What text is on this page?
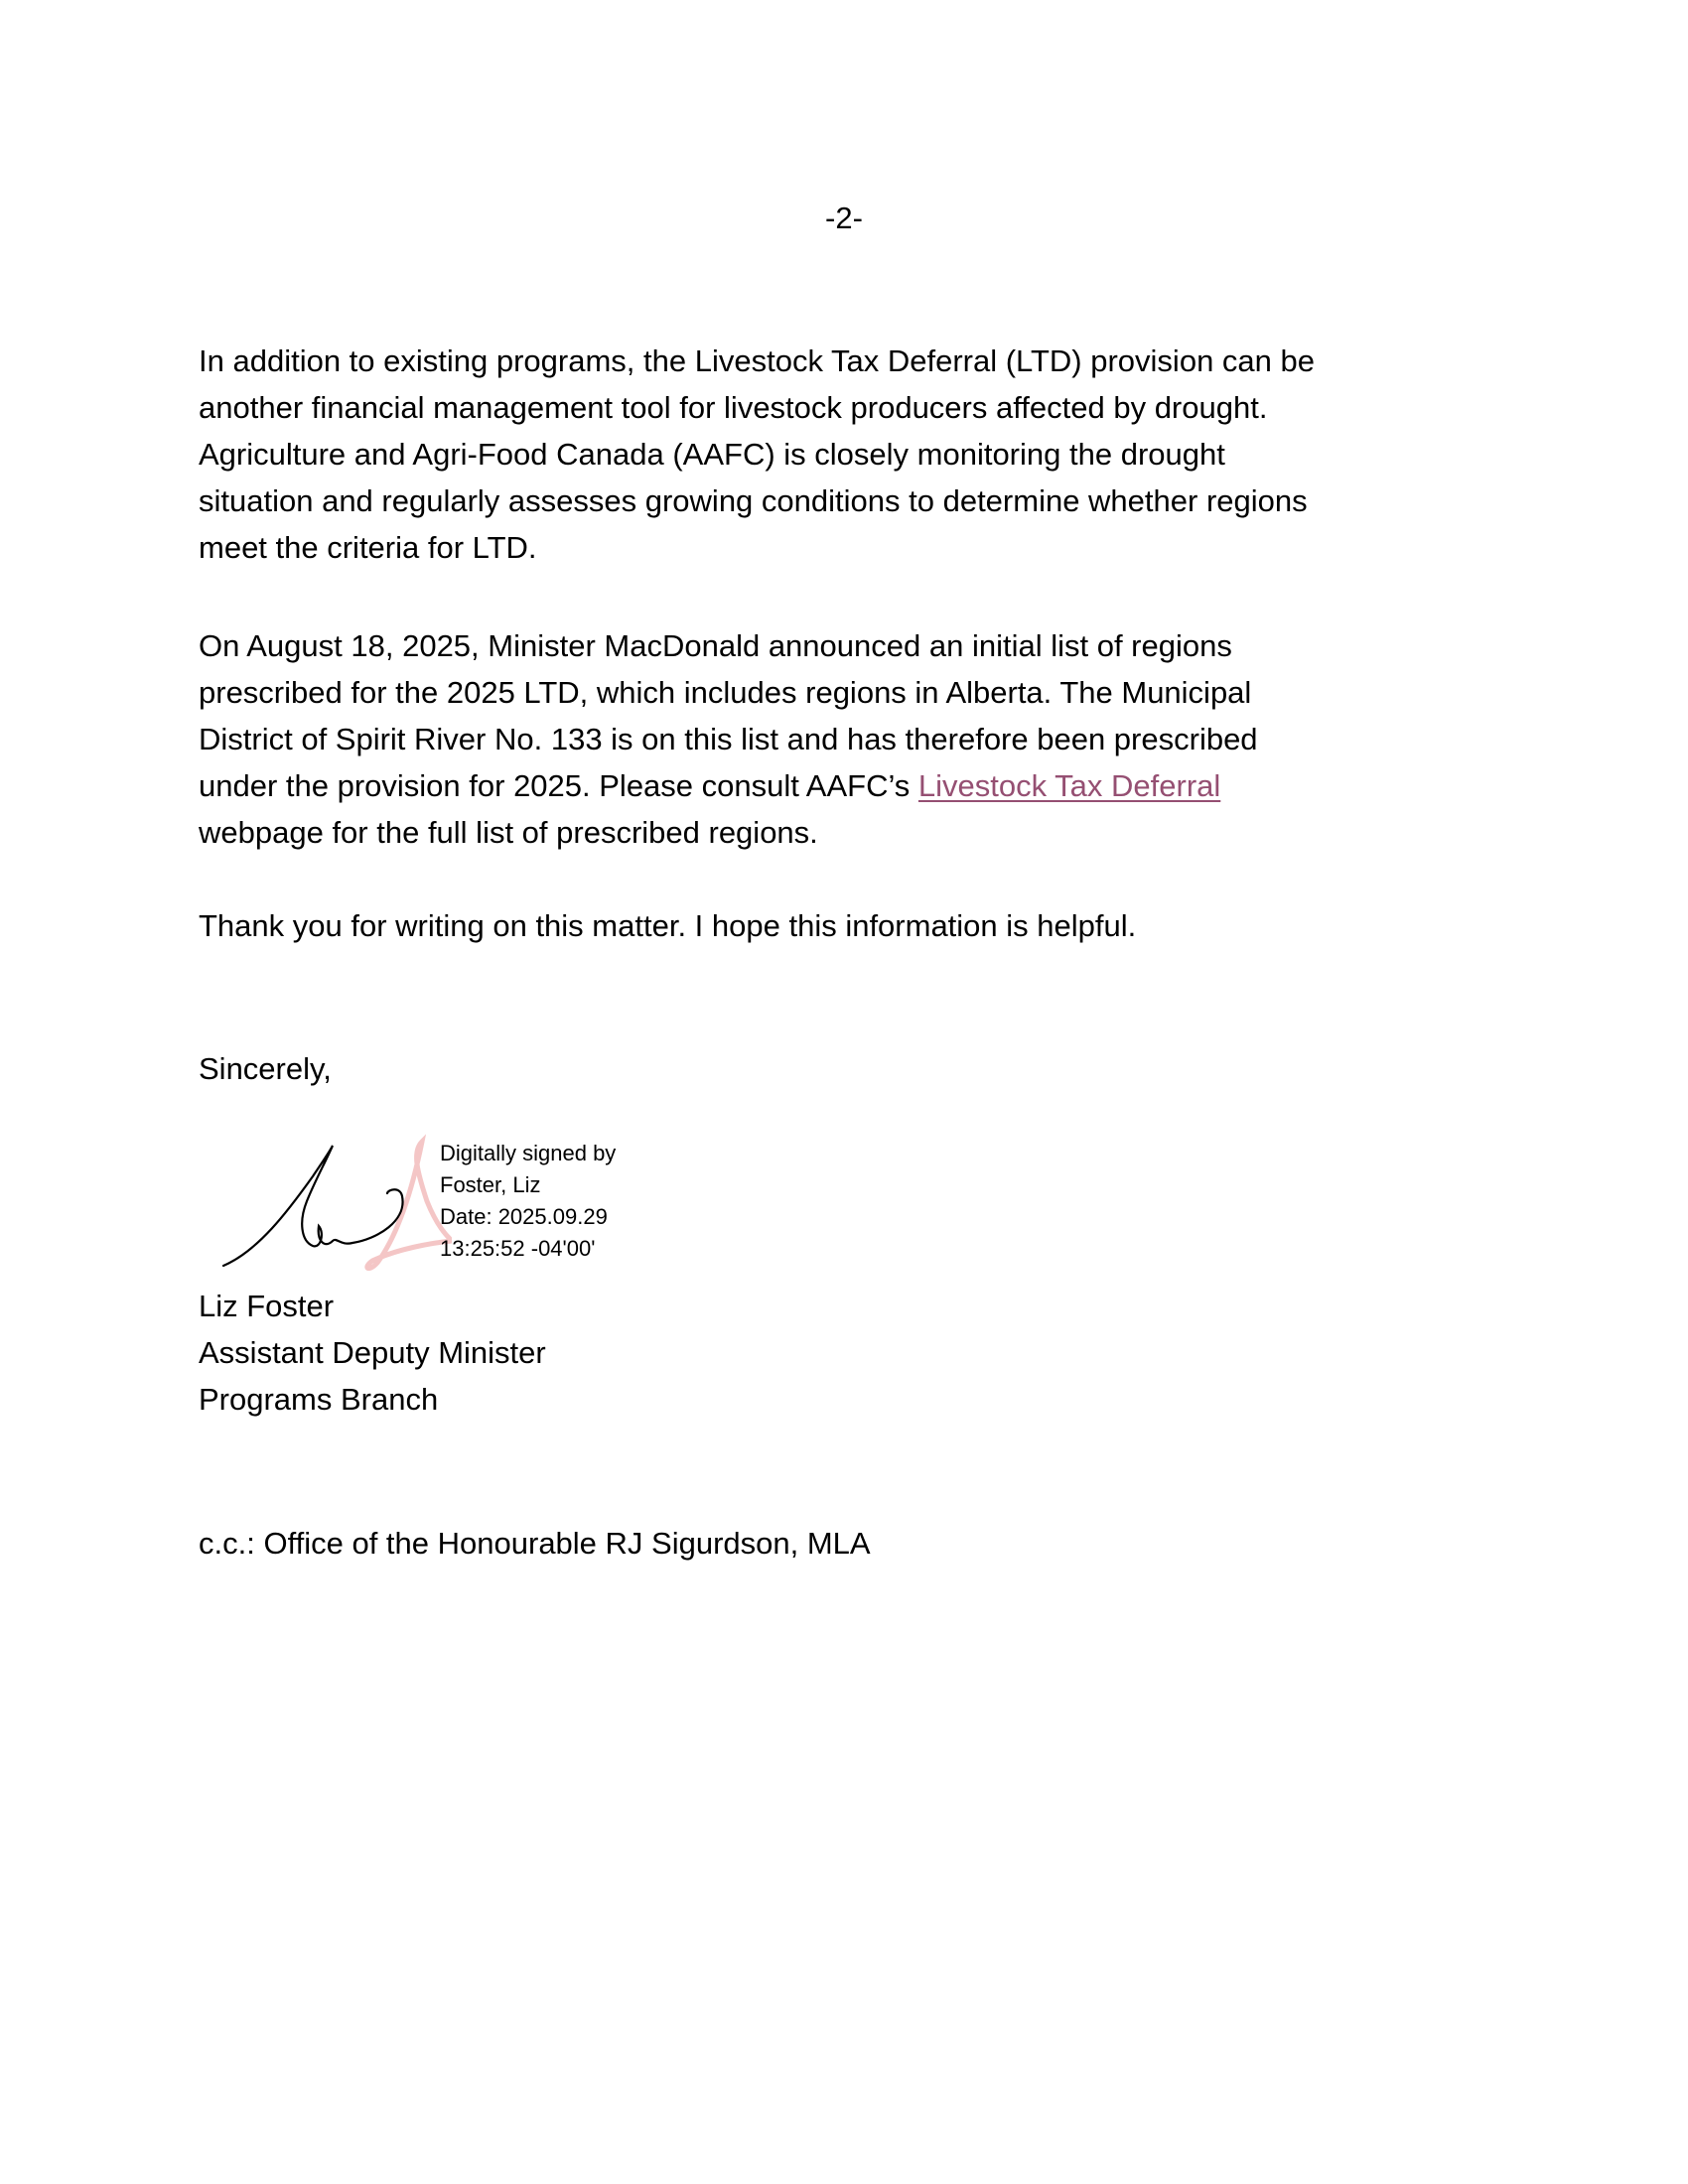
-2-
In addition to existing programs, the Livestock Tax Deferral (LTD) provision can be
another financial management tool for livestock producers affected by drought.
Agriculture and Agri-Food Canada (AAFC) is closely monitoring the drought
situation and regularly assesses growing conditions to determine whether regions
meet the criteria for LTD.
On August 18, 2025, Minister MacDonald announced an initial list of regions
prescribed for the 2025 LTD, which includes regions in Alberta. The Municipal
District of Spirit River No. 133 is on this list and has therefore been prescribed
under the provision for 2025. Please consult AAFC’s Livestock Tax Deferral
webpage for the full list of prescribed regions.
Thank you for writing on this matter. I hope this information is helpful.
Sincerely,
Digitally signed by
Foster, Liz
Date: 2025.09.29
13:25:52 -04'00'
Liz Foster
Assistant Deputy Minister
Programs Branch
c.c.: Office of the Honourable RJ Sigurdson, MLA
